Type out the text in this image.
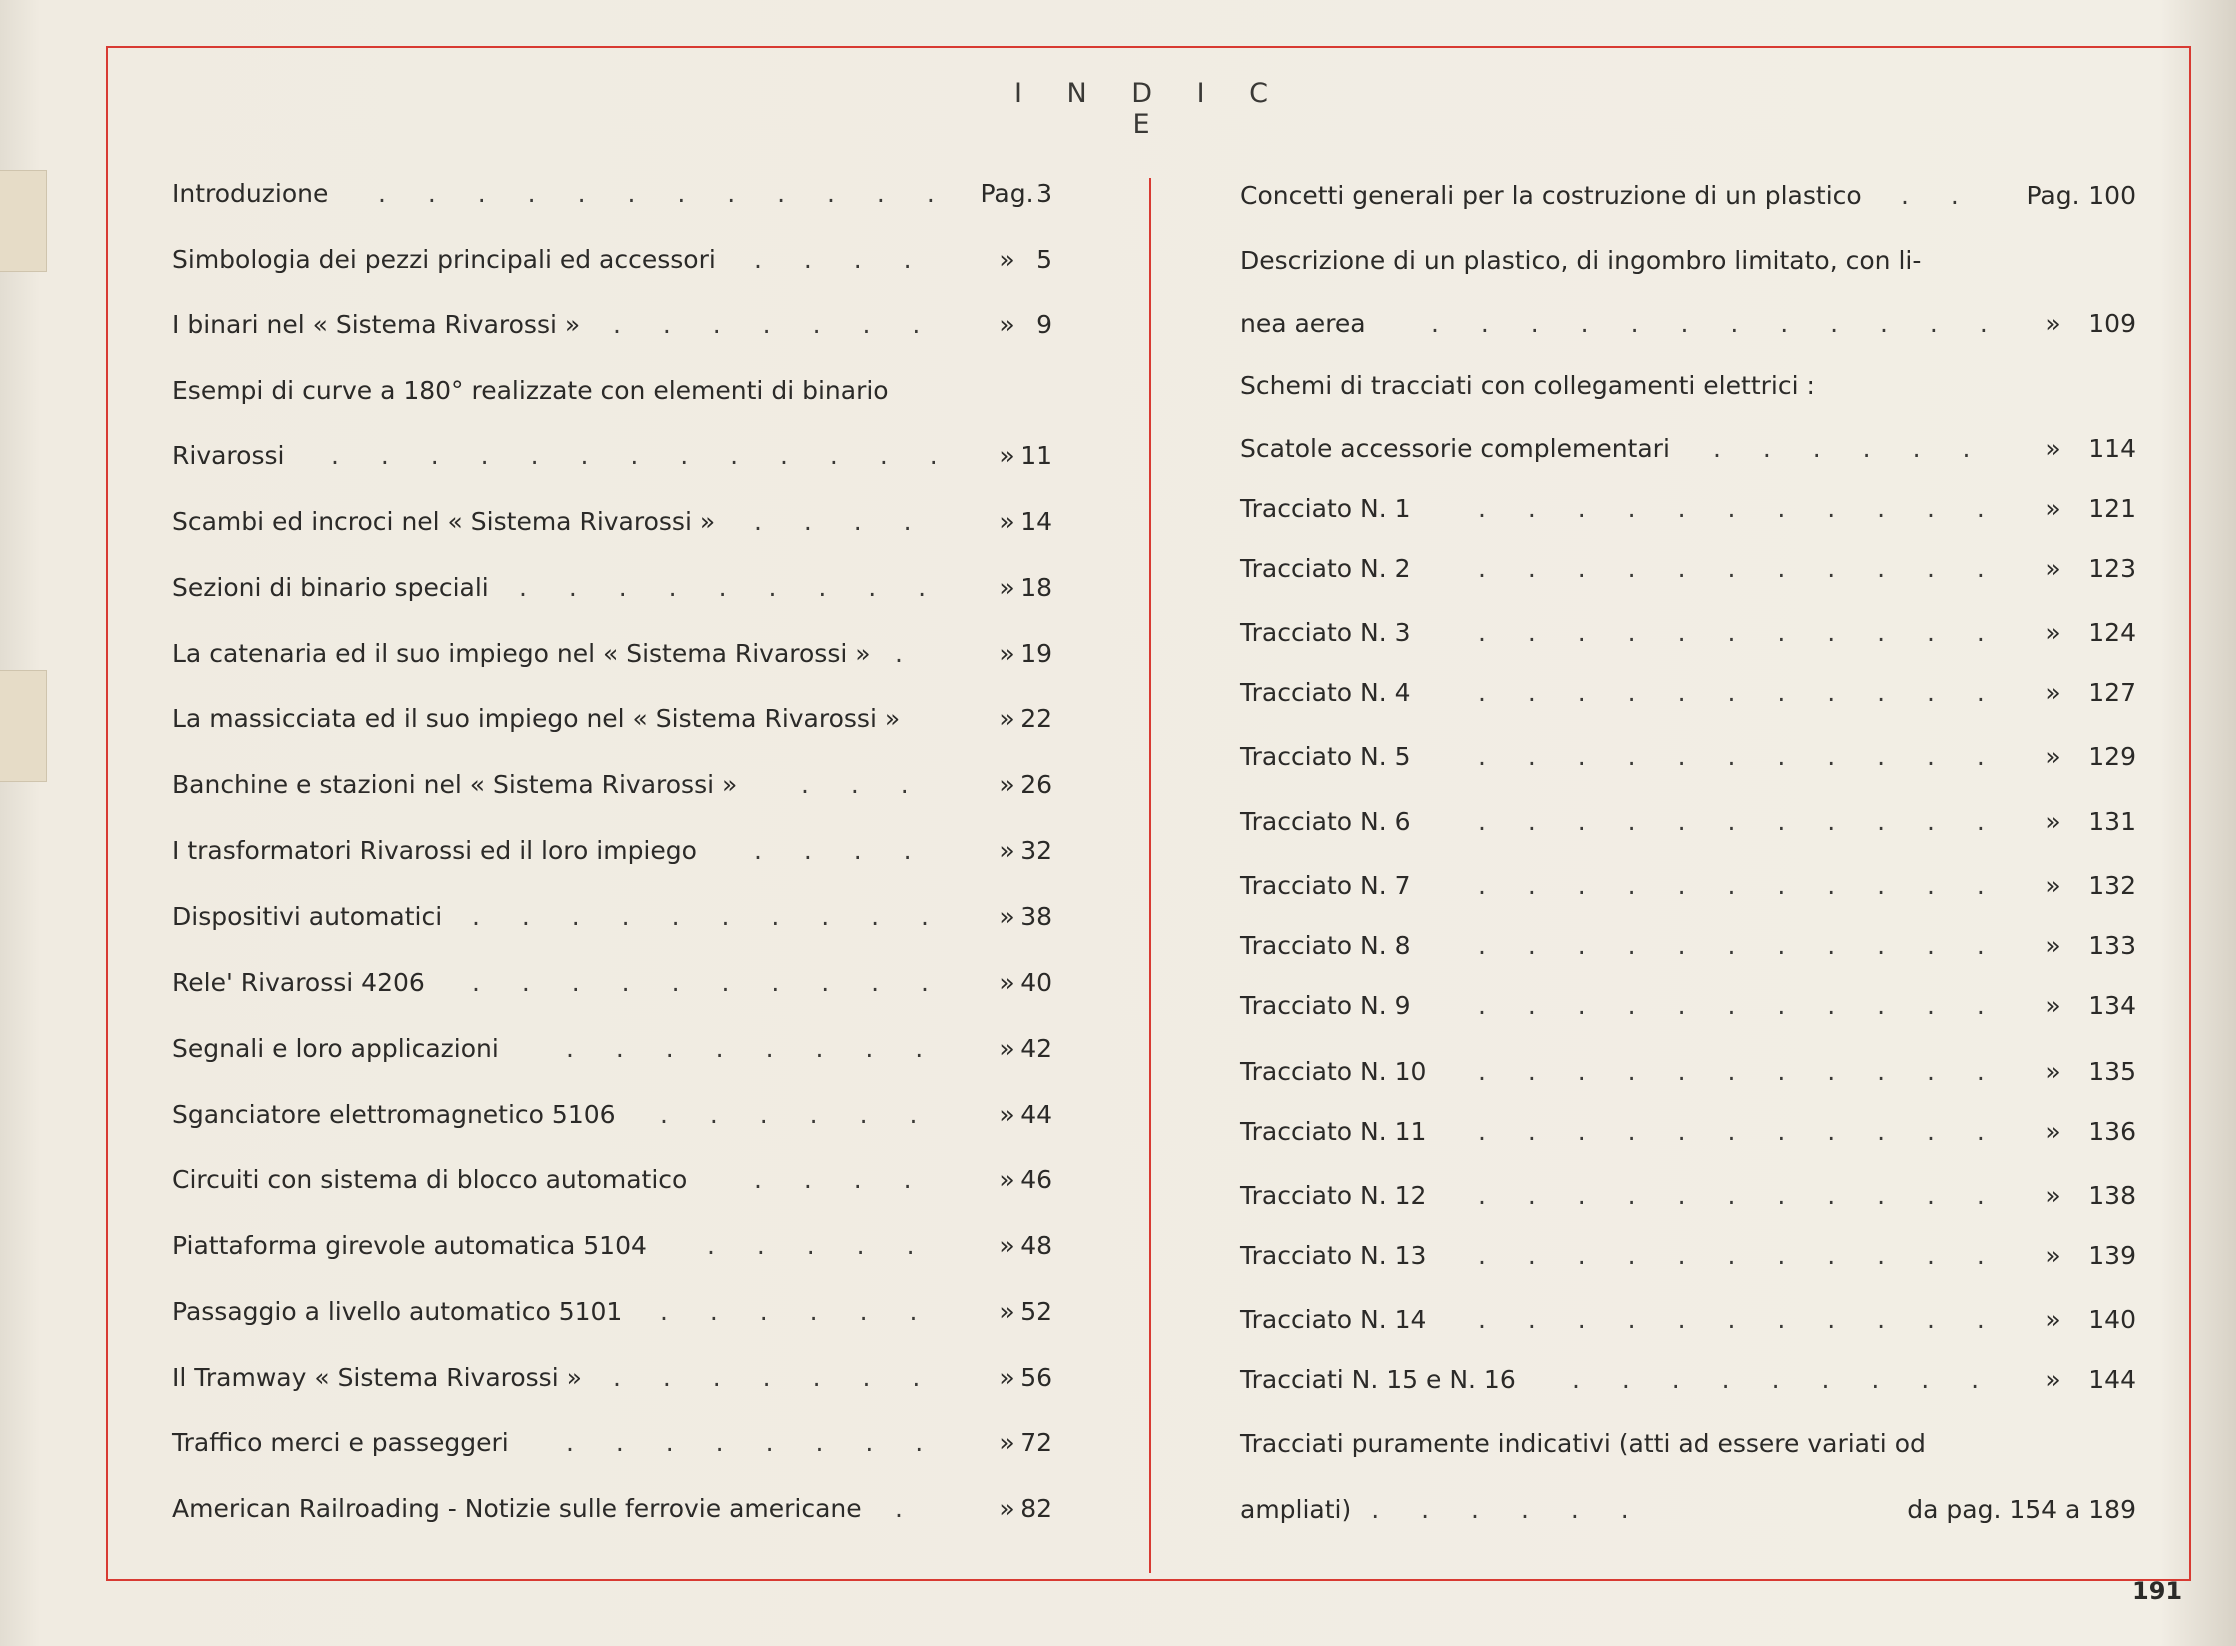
I N D I C E
Introduzione . . . . . . . . . . . .	Pag. 3
Simbologia dei pezzi principali ed accessori . . . .	» 5
I binari nel « Sistema Rivarossi » . . . . . . .	» 9
Esempi di curve a 180° realizzate con elementi di binario
Rivarossi . . . . . . . . . . . . .	» 11
Scambi ed incroci nel « Sistema Rivarossi » . . . .	» 14
Sezioni di binario speciali . . . . . . . . .	» 18
La catenaria ed il suo impiego nel « Sistema Rivarossi » .	» 19
La massicciata ed il suo impiego nel « Sistema Rivarossi »	» 22
Banchine e stazioni nel « Sistema Rivarossi »	. . .	» 26
I trasformatori Rivarossi ed il loro impiego . . . .	» 32
Dispositivi automatici . . . . . . . . . .	» 38
Rele' Rivarossi 4206 . . . . . . . . . .	» 40
Segnali e loro applicazioni	. . . . . . . .	» 42
Sganciatore elettromagnetico 5106 . . . . . .	» 44
Circuiti con sistema di blocco automatico	. . . .	» 46
Piattaforma girevole automatica 5104 . . . . .	» 48
Passaggio a livello automatico 5101 . . . . . .	» 52
Il Tramway « Sistema Rivarossi » . . . . . . .	» 56
Traffico merci e passeggeri . . . . . . . .	» 72
American Railroading - Notizie sulle ferrovie americane .	» 82
Concetti generali per la costruzione di un plastico . .	Pag. 100
Descrizione di un plastico, di ingombro limitato, con li-
nea aerea	. . . . . . . . . . . .	»	109
Schemi di tracciati con collegamenti elettrici :
Scatole accessorie complementari . . . . . .	»	114
Tracciato N. 1	. . . . . . . . . . .	»	121
Tracciato N. 2	. . . . . . . . . . .	»	123
Tracciato N. 3	. . . . . . . . . . .	»	124
Tracciato N. 4	. . . . . . . . . . .	»	127
Tracciato N. 5	. . . . . . . . . . .	»	129
Tracciato N. 6	. . . . . . . . . . .	»	131
Tracciato N. 7	. . . . . . . . . . .	»	132
Tracciato N. 8	. . . . . . . . . . .	»	133
Tracciato N. 9	. . . . . . . . . . .	»	134
Tracciato N. 10 . . . . . . . . . . .	»	135
Tracciato N. 11 . . . . . . . . . . .	»	136
Tracciato N. 12 . . . . . . . . . . .	»	138
Tracciato N. 13 . . . . . . . . . . .	»	139
Tracciato N. 14 . . . . . . . . . . .	»	140
Tracciati N. 15 e N. 16 . . . . . . . . .	»	144
Tracciati puramente indicativi (atti ad essere variati od
ampliati) . . . . . .	da pag. 154 a 189
191
